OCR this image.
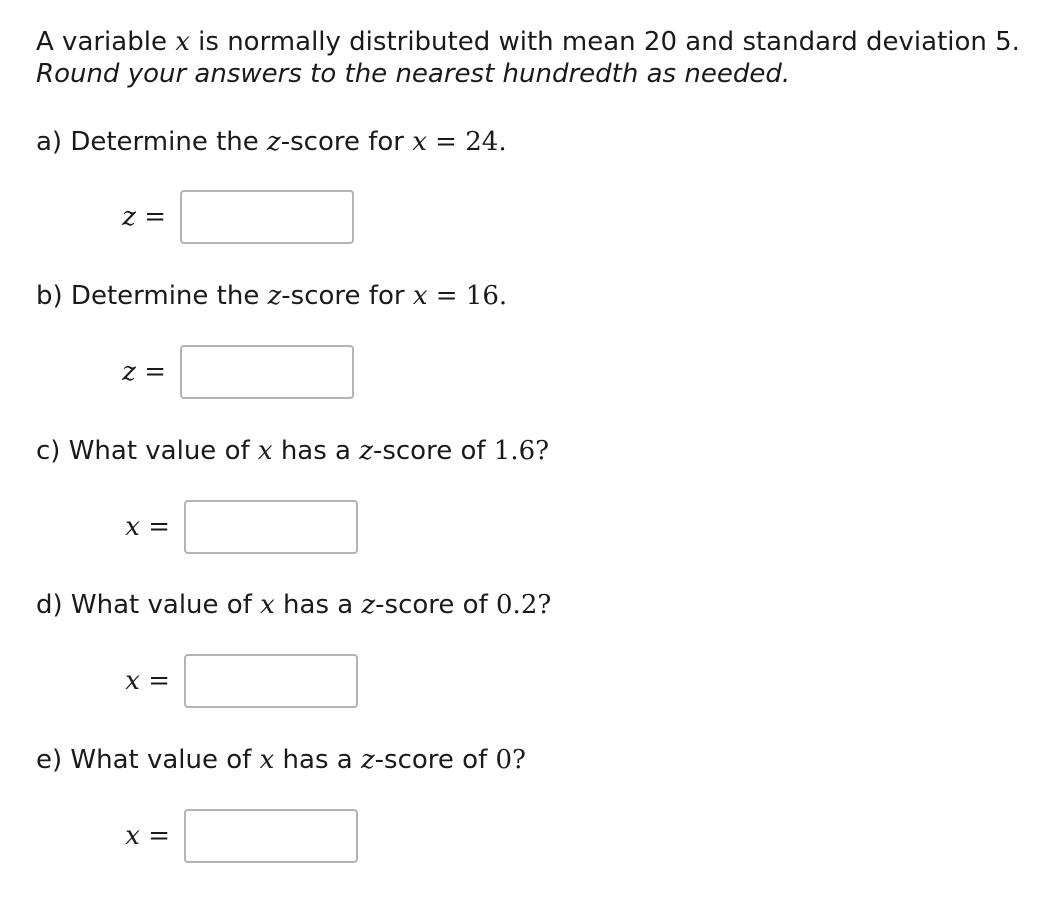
A variable x is normally distributed with mean 20 and standard deviation 5.
Round your answers to the nearest hundredth as needed.
a) Determine the z-score for x = 24.
z =
b) Determine the z-score for x = 16.
z =
c) What value of x has a z-score of 1.6?
x =
d) What value of x has a z-score of 0.2?
x =
e) What value of x has a z-score of 0?
x =
